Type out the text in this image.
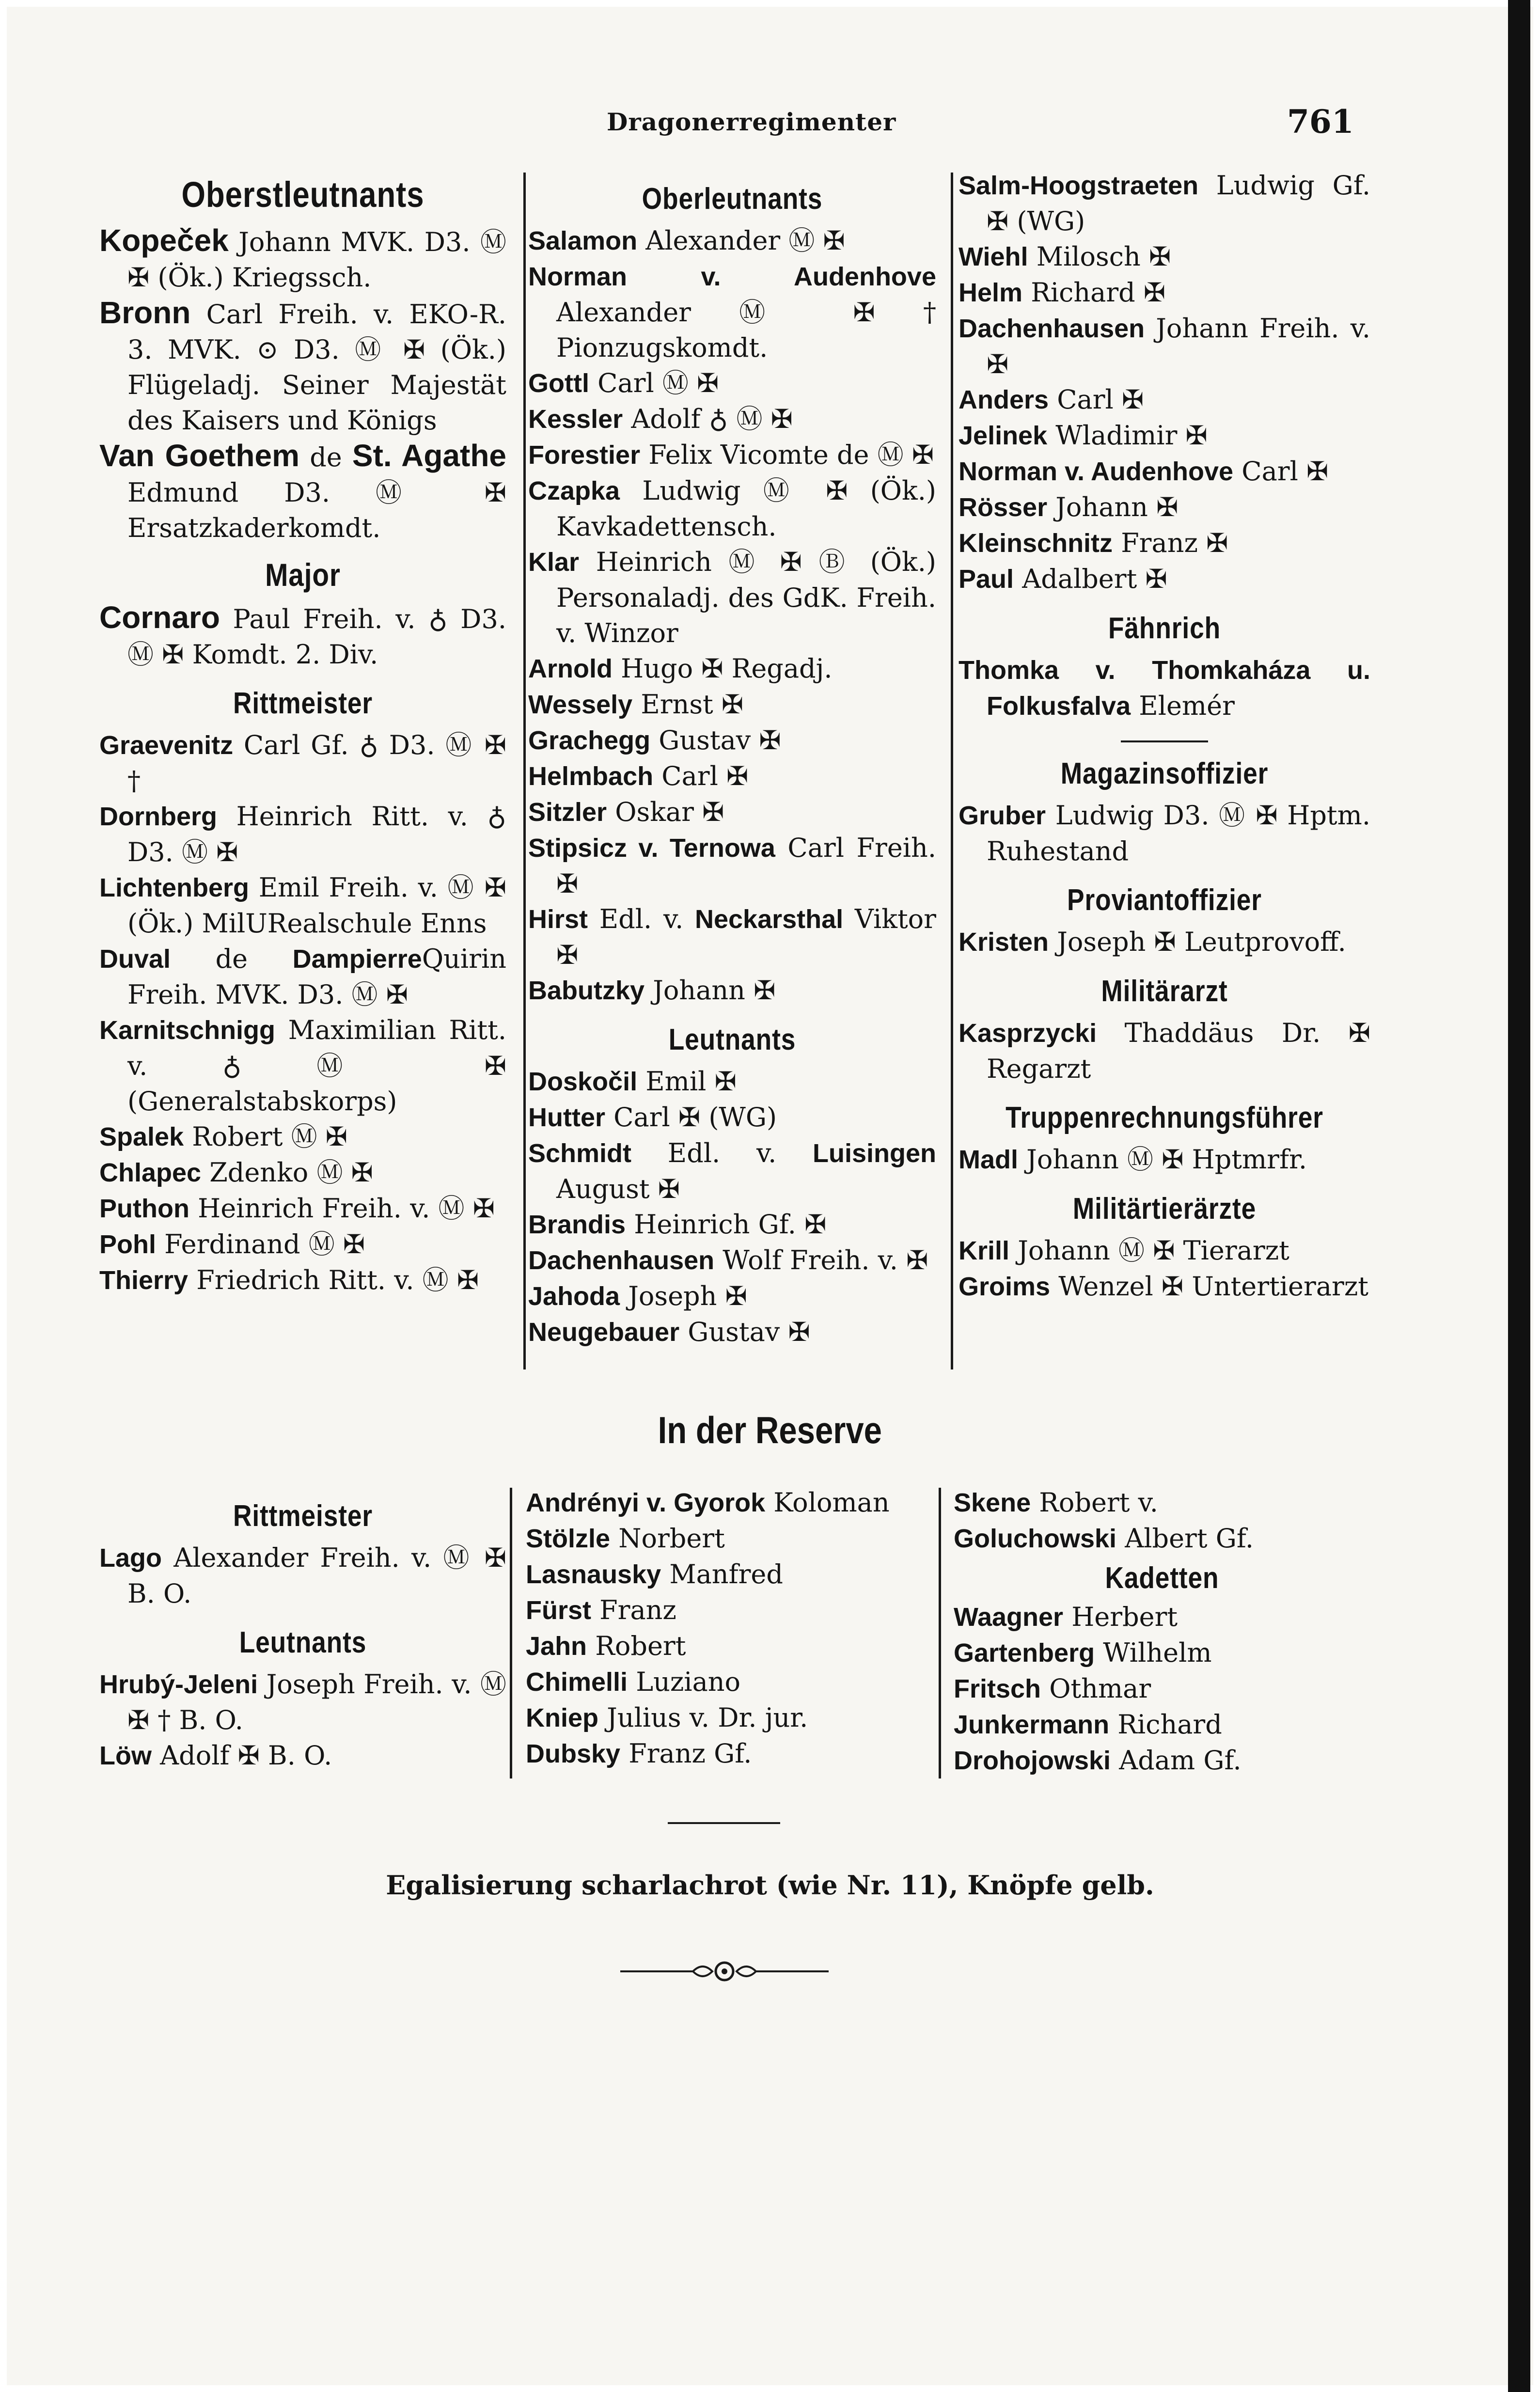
Dragonerregimenter	761
Oberstleutnants
Kopeček Johann MVK. D3. Ⓜ ✠ (Ök.) Kriegssch.
Bronn Carl Freih. v. EKO-R. 3. MVK. ⊙ D3. Ⓜ ✠ (Ök.) Flügeladj. Seiner Majestät des Kaisers und Königs
Van Goethem de St. Agathe Edmund D3. Ⓜ ✠ Ersatzkaderkomdt.
Major
Cornaro Paul Freih. v. ♁ D3. Ⓜ ✠ Komdt. 2. Div.
Rittmeister
Graevenitz Carl Gf. ♁ D3. Ⓜ ✠ †
Dornberg Heinrich Ritt. v. ♁ D3. Ⓜ ✠
Lichtenberg Emil Freih. v. Ⓜ ✠ (Ök.) MilURealschule Enns
Duval de DampierreQuirin Freih. MVK. D3. Ⓜ ✠
Karnitschnigg Maximilian Ritt. v. ♁ Ⓜ ✠ (Generalstabskorps)
Spalek Robert Ⓜ ✠
Chlapec Zdenko Ⓜ ✠
Puthon Heinrich Freih. v. Ⓜ ✠
Pohl Ferdinand Ⓜ ✠
Thierry Friedrich Ritt. v. Ⓜ ✠
Oberleutnants
Salamon Alexander Ⓜ ✠
Norman v. Audenhove Alexander Ⓜ ✠ † Pionzugskomdt.
Gottl Carl Ⓜ ✠
Kessler Adolf ♁ Ⓜ ✠
Forestier Felix Vicomte de Ⓜ ✠
Czapka Ludwig Ⓜ ✠ (Ök.) Kavkadettensch.
Klar Heinrich Ⓜ ✠ Ⓑ (Ök.) Personaladj. des GdK. Freih. v. Winzor
Arnold Hugo ✠ Regadj.
Wessely Ernst ✠
Grachegg Gustav ✠
Helmbach Carl ✠
Sitzler Oskar ✠
Stipsicz v. Ternowa Carl Freih. ✠
Hirst Edl. v. Neckarsthal Viktor ✠
Babutzky Johann ✠
Leutnants
Doskočil Emil ✠
Hutter Carl ✠ (WG)
Schmidt Edl. v. Luisingen August ✠
Brandis Heinrich Gf. ✠
Dachenhausen Wolf Freih. v. ✠
Jahoda Joseph ✠
Neugebauer Gustav ✠
Salm-Hoogstraeten Ludwig Gf. ✠ (WG)
Wiehl Milosch ✠
Helm Richard ✠
Dachenhausen Johann Freih. v. ✠
Anders Carl ✠
Jelinek Wladimir ✠
Norman v. Audenhove Carl ✠
Rösser Johann ✠
Kleinschnitz Franz ✠
Paul Adalbert ✠
Fähnrich
Thomka v. Thomkaháza u. Folkusfalva Elemér
Magazinsoffizier
Gruber Ludwig D3. Ⓜ ✠ Hptm. Ruhestand
Proviantoffizier
Kristen Joseph ✠ Leutprovoff.
Militärarzt
Kasprzycki Thaddäus Dr. ✠ Regarzt
Truppenrechnungsführer
Madl Johann Ⓜ ✠ Hptmrfr.
Militärtierärzte
Krill Johann Ⓜ ✠ Tierarzt
Groims Wenzel ✠ Untertierarzt
In der Reserve
Rittmeister
Lago Alexander Freih. v. Ⓜ ✠ B. O.
Leutnants
Hrubý-Jeleni Joseph Freih. v. Ⓜ ✠ † B. O.
Löw Adolf ✠ B. O.
Andrényi v. Gyorok Koloman
Stölzle Norbert
Lasnausky Manfred
Fürst Franz
Jahn Robert
Chimelli Luziano
Kniep Julius v. Dr. jur.
Dubsky Franz Gf.
Skene Robert v.
Goluchowski Albert Gf.
Kadetten
Waagner Herbert
Gartenberg Wilhelm
Fritsch Othmar
Junkermann Richard
Drohojowski Adam Gf.
Egalisierung scharlachrot (wie Nr. 11), Knöpfe gelb.
